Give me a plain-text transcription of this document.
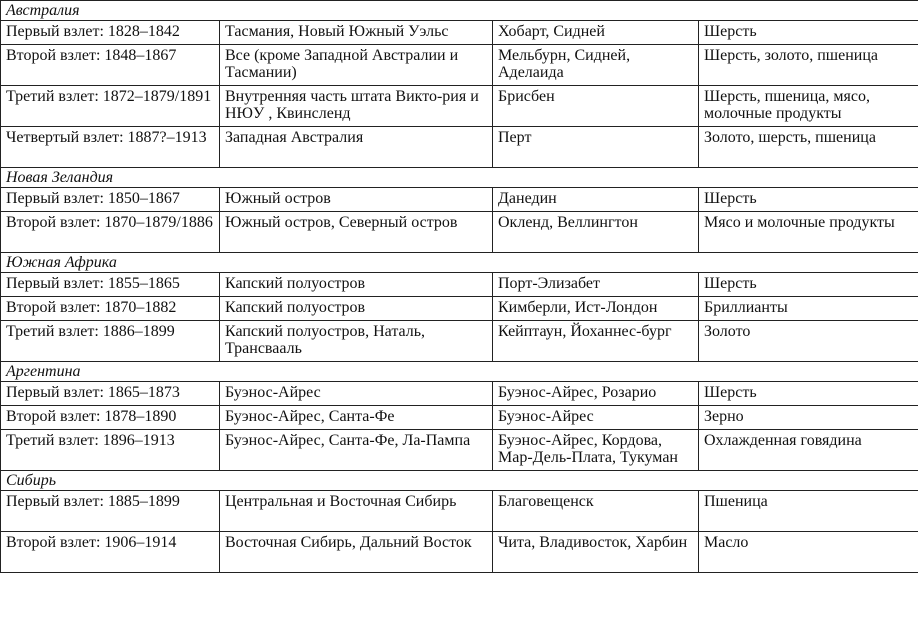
Австралия			
Первый взлет: 1828–1842	Тасмания, Новый Южный Уэльс	Хобарт, Сидней	Шерсть
Второй взлет: 1848–1867	Все (кроме Западной Австралии и Тасмании)	Мельбурн, Сидней, Аделаида	Шерсть, золото, пшеница
Третий взлет: 1872–1879/1891	Внутренняя часть штата Викто-рия и НЮУ , Квинсленд	Брисбен	Шерсть, пшеница, мясо, молочные продукты
Четвертый взлет: 1887?–1913	Западная Австралия	Перт	Золото, шерсть, пшеница
Новая Зеландия			
Первый взлет: 1850–1867	Южный остров	Данедин	Шерсть
Второй взлет: 1870–1879/1886	Южный остров, Северный остров	Окленд, Веллингтон	Мясо и молочные продукты
Южная Африка			
Первый взлет: 1855–1865	Капский полуостров	Порт-Элизабет	Шерсть
Второй взлет: 1870–1882	Капский полуостров	Кимберли, Ист-Лондон	Бриллианты
Третий взлет: 1886–1899	Капский полуостров, Наталь, Трансвааль	Кейптаун, Йоханнес-бург	Золото
Аргентина			
Первый взлет: 1865–1873	Буэнос-Айрес	Буэнос-Айрес, Розарио	Шерсть
Второй взлет: 1878–1890	Буэнос-Айрес, Санта-Фе	Буэнос-Айрес	Зерно
Третий взлет: 1896–1913	Буэнос-Айрес, Санта-Фе, Ла-Пампа	Буэнос-Айрес, Кордова, Мар-Дель-Плата, Тукуман	Охлажденная говядина
Сибирь			
Первый взлет: 1885–1899	Центральная и Восточная Сибирь	Благовещенск	Пшеница
Второй взлет: 1906–1914	Восточная Сибирь, Дальний Восток	Чита, Владивосток, Харбин	Масло
